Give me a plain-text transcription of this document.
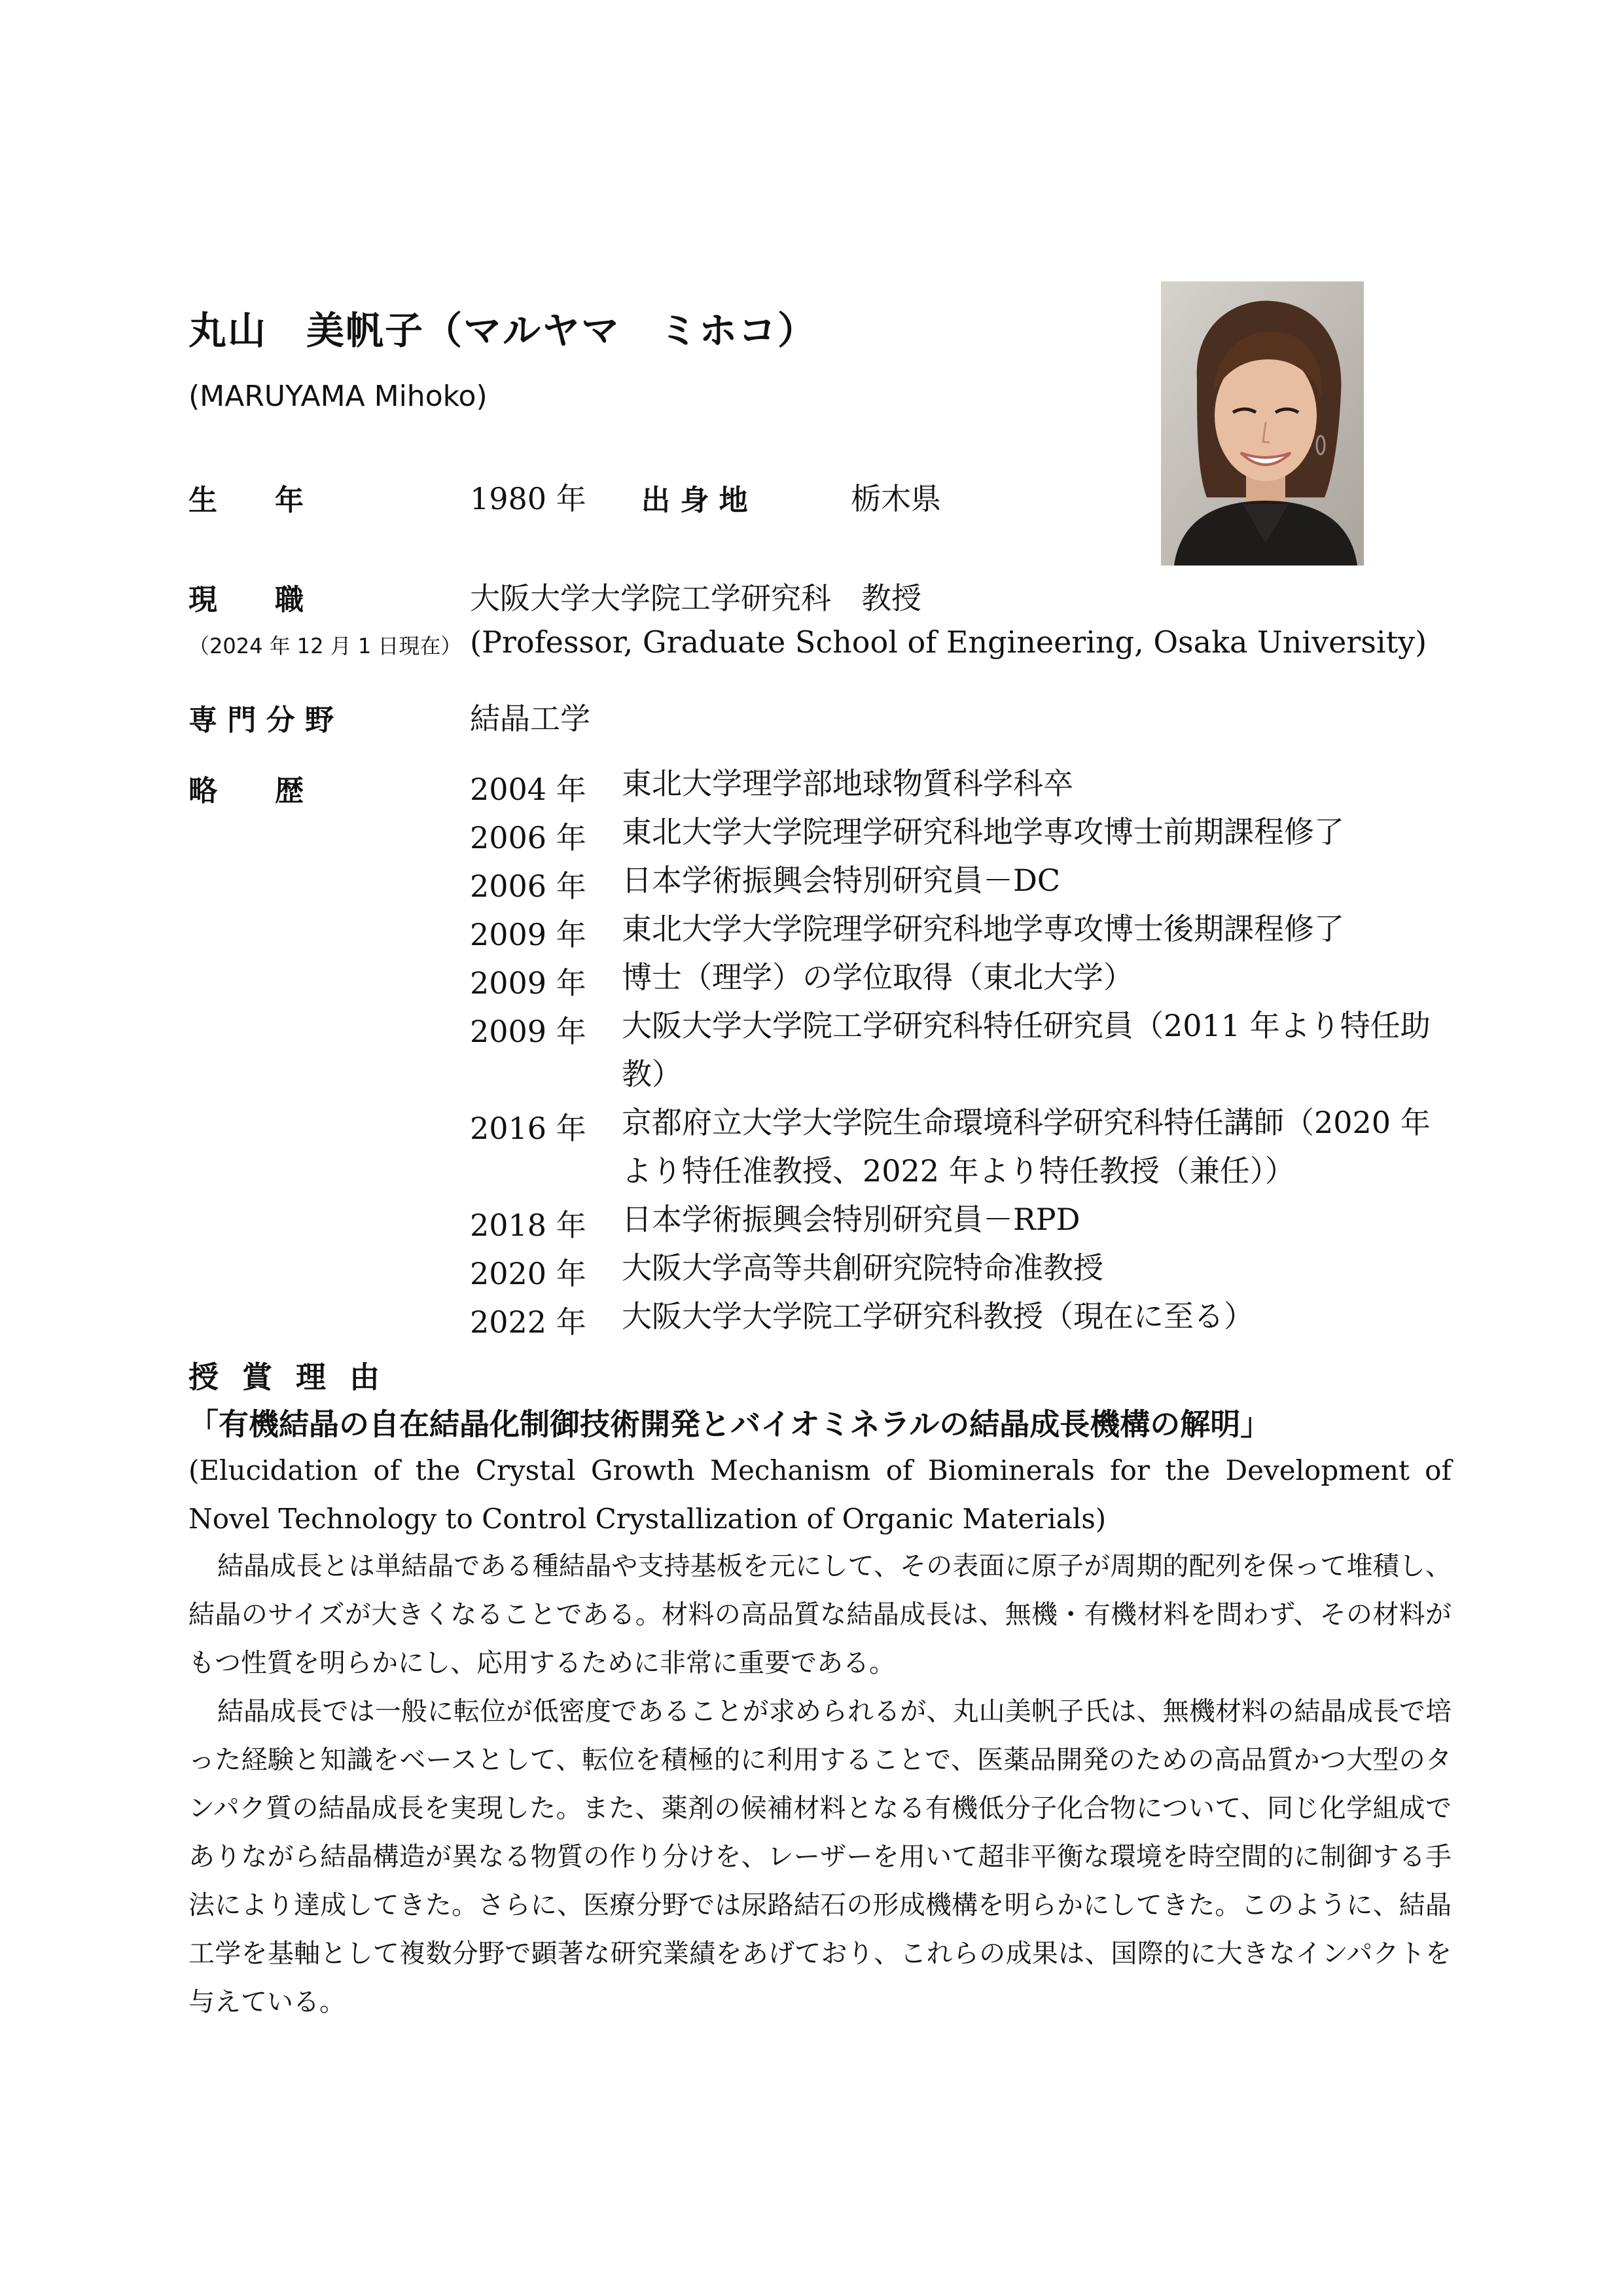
丸山　美帆子（マルヤマ　ミホコ）
(MARUYAMA Mihoko)
生　　年	1980 年 出 身 地	栃木県
現　　職	大阪大学大学院工学研究科　教授
（2024 年 12 月 1 日現在） (Professor, Graduate School of Engineering, Osaka University)
専 門 分 野	結晶工学
略　　歴	2004 年 東北大学理学部地球物質科学科卒
2006 年 東北大学大学院理学研究科地学専攻博士前期課程修了
2006 年 日本学術振興会特別研究員－DC
2009 年 東北大学大学院理学研究科地学専攻博士後期課程修了
2009 年 博士（理学）の学位取得（東北大学）
2009 年 大阪大学大学院工学研究科特任研究員（2011 年より特任助教）
2016 年 京都府立大学大学院生命環境科学研究科特任講師（2020 年より特任准教授、2022 年より特任教授（兼任））
2018 年 日本学術振興会特別研究員－RPD
2020 年 大阪大学高等共創研究院特命准教授
2022 年 大阪大学大学院工学研究科教授（現在に至る）
授 賞 理 由
「有機結晶の自在結晶化制御技術開発とバイオミネラルの結晶成長機構の解明」
(Elucidation of the Crystal Growth Mechanism of Biominerals for the Development of Novel Technology to Control Crystallization of Organic Materials)
結晶成長とは単結晶である種結晶や支持基板を元にして、その表面に原子が周期的配列を保って堆積し、結晶のサイズが大きくなることである。材料の高品質な結晶成長は、無機・有機材料を問わず、その材料がもつ性質を明らかにし、応用するために非常に重要である。
結晶成長では一般に転位が低密度であることが求められるが、丸山美帆子氏は、無機材料の結晶成長で培った経験と知識をベースとして、転位を積極的に利用することで、医薬品開発のための高品質かつ大型のタンパク質の結晶成長を実現した。また、薬剤の候補材料となる有機低分子化合物について、同じ化学組成でありながら結晶構造が異なる物質の作り分けを、レーザーを用いて超非平衡な環境を時空間的に制御する手法により達成してきた。さらに、医療分野では尿路結石の形成機構を明らかにしてきた。このように、結晶工学を基軸として複数分野で顕著な研究業績をあげており、これらの成果は、国際的に大きなインパクトを与えている。
